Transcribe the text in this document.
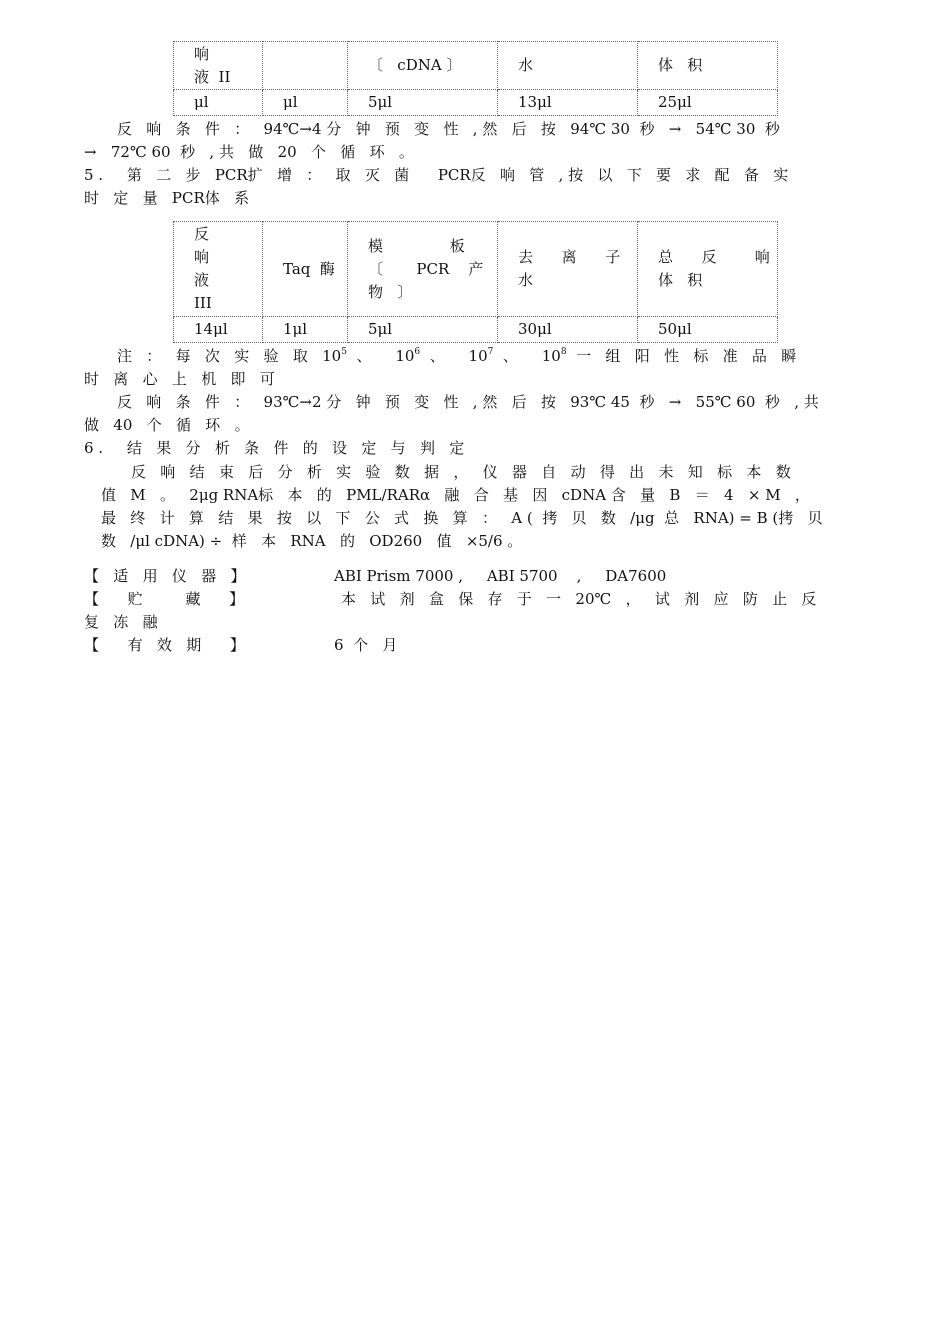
响
液  II		〔   cDNA 〕	水	体   积
μl	μl	5μl	13μl	25μl
反   响   条   件   ：   94℃→4 分   钟   预   变   性   , 然   后   按   94℃ 30  秒   →   54℃ 30  秒
→   72℃ 60  秒   , 共   做   20   个   循   环   。
5 .     第   二   步   PCR扩   增   ：   取   灭   菌      PCR反   响   管   , 按   以   下   要   求   配   备   实
时   定   量   PCR体   系
反
响
液
III	Taq  酶	模              板
〔       PCR    产
物   〕	去      离      子
水	总      反        响
体   积
14μl	1μl	5μl	30μl	50μl
注   ：   每   次   实   验   取   $10^5$  、     $10^6$  、     $10^7$  、     $10^8$  一   组   阳   性   标   准   品   瞬
时   离   心   上   机   即   可
反   响   条   件   ：   93℃→2 分   钟   预   变   性   , 然   后   按   93℃ 45  秒   →   55℃ 60  秒   , 共
做   40   个   循   环   。
6 .     结   果   分   析   条   件   的   设   定   与   判   定
反   响   结   束   后   分   析   实   验   数   据   ，   仪   器   自   动   得   出   未   知   标   本   数
值   M   。   2μg RNA标   本   的   PML/RARα   融   合   基   因   cDNA 含   量   B   ＝   4   × M   ，
最   终   计   算   结   果   按   以   下   公   式   换   算   ：   A (  拷   贝   数   /μg  总   RNA) = B (拷   贝
数   /μl cDNA) ÷  样   本   RNA   的   OD260   值   ×5/6 。
【   适   用   仪   器   】	ABI Prism 7000 ,     ABI 5700    ,     DA7600
【      贮         藏      】	本   试   剂   盒   保   存   于   一   20℃   ，   试   剂   应   防   止   反
复   冻   融
【      有   效   期      】	6  个   月
